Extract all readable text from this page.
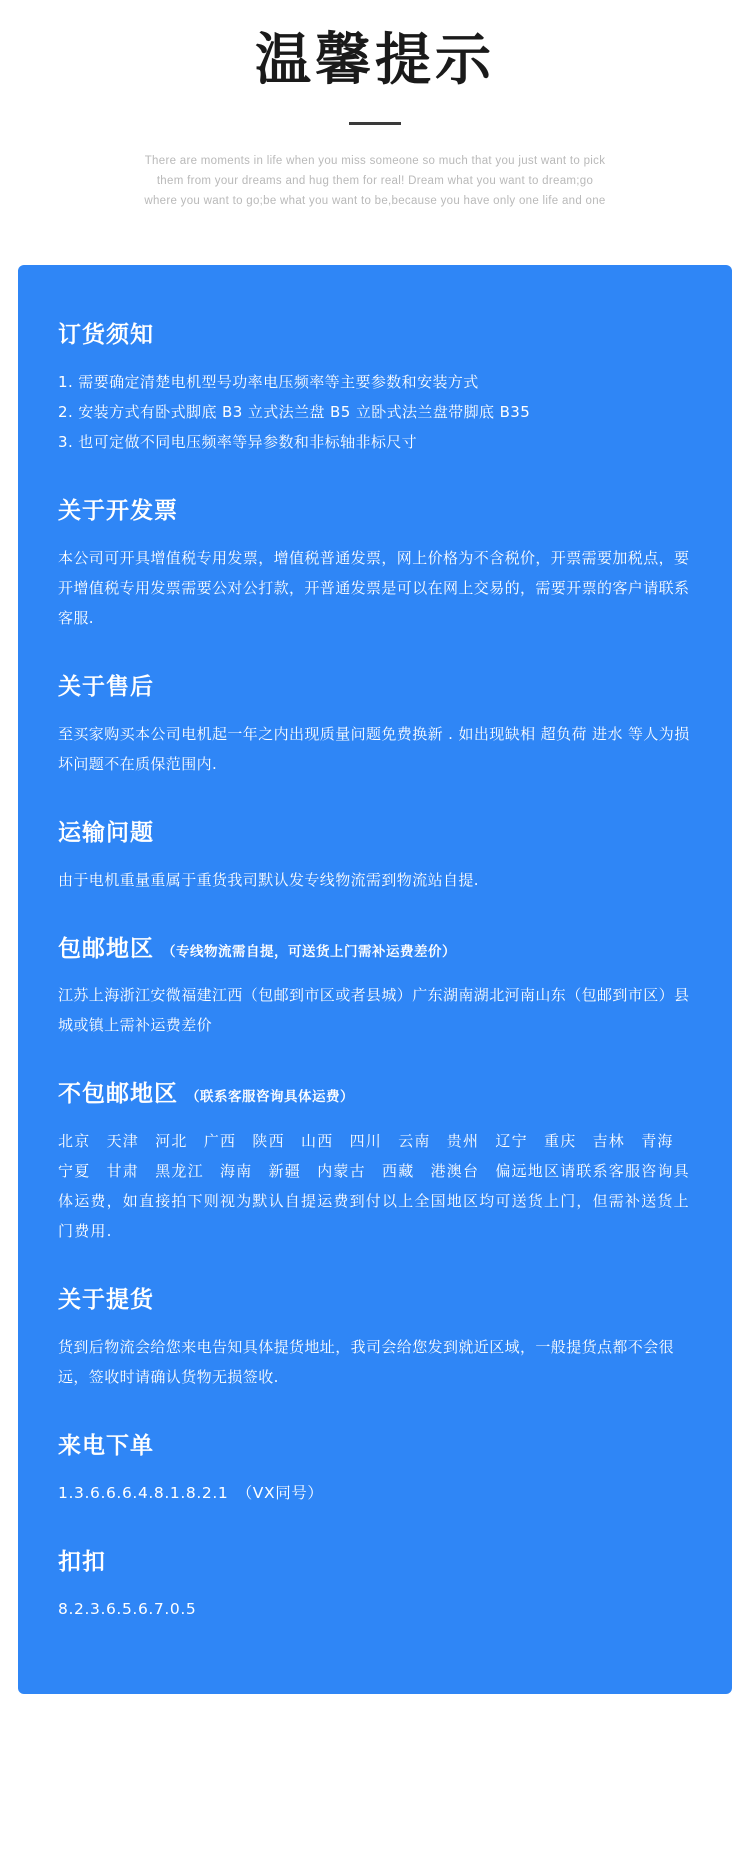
温馨提示

There are moments in life when you miss someone so much that you just want to pick them from your dreams and hug them for real! Dream what you want to dream;go where you want to go;be what you want to be,because you have only one life and one

订货须知
1. 需要确定清楚电机型号功率电压频率等主要参数和安装方式
2. 安装方式有卧式脚底 B3 立式法兰盘 B5 立卧式法兰盘带脚底 B35
3. 也可定做不同电压频率等异参数和非标轴非标尺寸
关于开发票

本公司可开具增值税专用发票，增值税普通发票，网上价格为不含税价，开票需要加税点，要开增值税专用发票需要公对公打款，开普通发票是可以在网上交易的，需要开票的客户请联系客服.

关于售后

至买家购买本公司电机起一年之内出现质量问题免费换新 . 如出现缺相 超负荷 进水 等人为损坏问题不在质保范围内.

运输问题

由于电机重量重属于重货我司默认发专线物流需到物流站自提.

包邮地区 （专线物流需自提，可送货上门需补运费差价）

江苏上海浙江安微福建江西（包邮到市区或者县城）广东湖南湖北河南山东（包邮到市区）县城或镇上需补运费差价

不包邮地区 （联系客服咨询具体运费）

北京　天津　河北　广西　陕西　山西　四川　云南　贵州　辽宁　重庆　吉林　青海　宁夏　甘肃　黑龙江　海南　新疆　内蒙古　西藏　港澳台　偏远地区请联系客服咨询具体运费，如直接拍下则视为默认自提运费到付以上全国地区均可送货上门，但需补送货上门费用.

关于提货

货到后物流会给您来电告知具体提货地址，我司会给您发到就近区域，一般提货点都不会很远，签收时请确认货物无损签收.

来电下单

1.3.6.6.6.4.8.1.8.2.1　（VX同号）

扣扣

8.2.3.6.5.6.7.0.5
